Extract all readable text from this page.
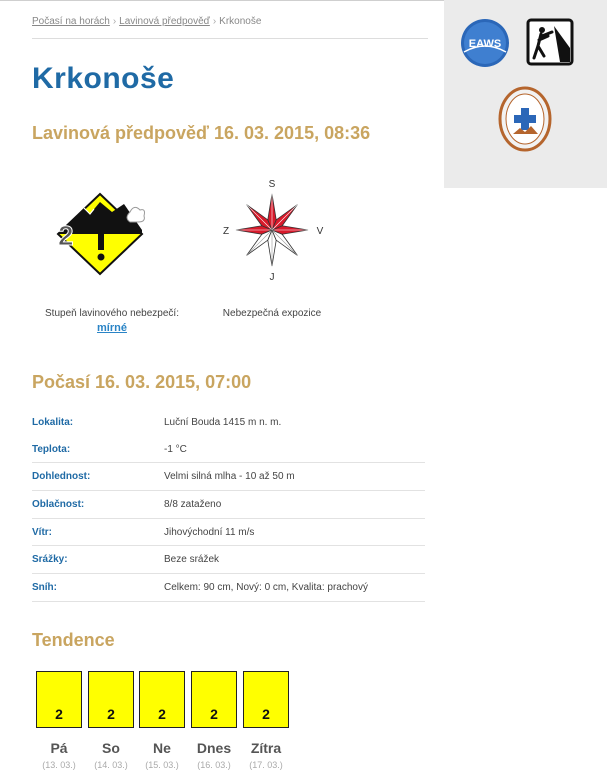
Počasí na horách › Lavinová předpověď › Krkonoše
Krkonoše
Lavinová předpověď 16. 03. 2015, 08:36
2
S
V
J
Z
Stupeň lavinového nebezpečí:
mírné
Nebezpečná expozice
Počasí 16. 03. 2015, 07:00
Lokalita:	Luční Bouda 1415 m n. m.
Teplota:	-1 °C
Dohlednost:	Velmi silná mlha - 10 až 50 m
Oblačnost:	8/8 zataženo
Vítr:	Jihovýchodní 11 m/s
Srážky:	Beze srážek
Sníh:	Celkem: 90 cm, Nový: 0 cm, Kvalita: prachový
Tendence
2
Pá
(13. 03.)
2
So
(14. 03.)
2
Ne
(15. 03.)
2
Dnes
(16. 03.)
2
Zítra
(17. 03.)
EAWS
